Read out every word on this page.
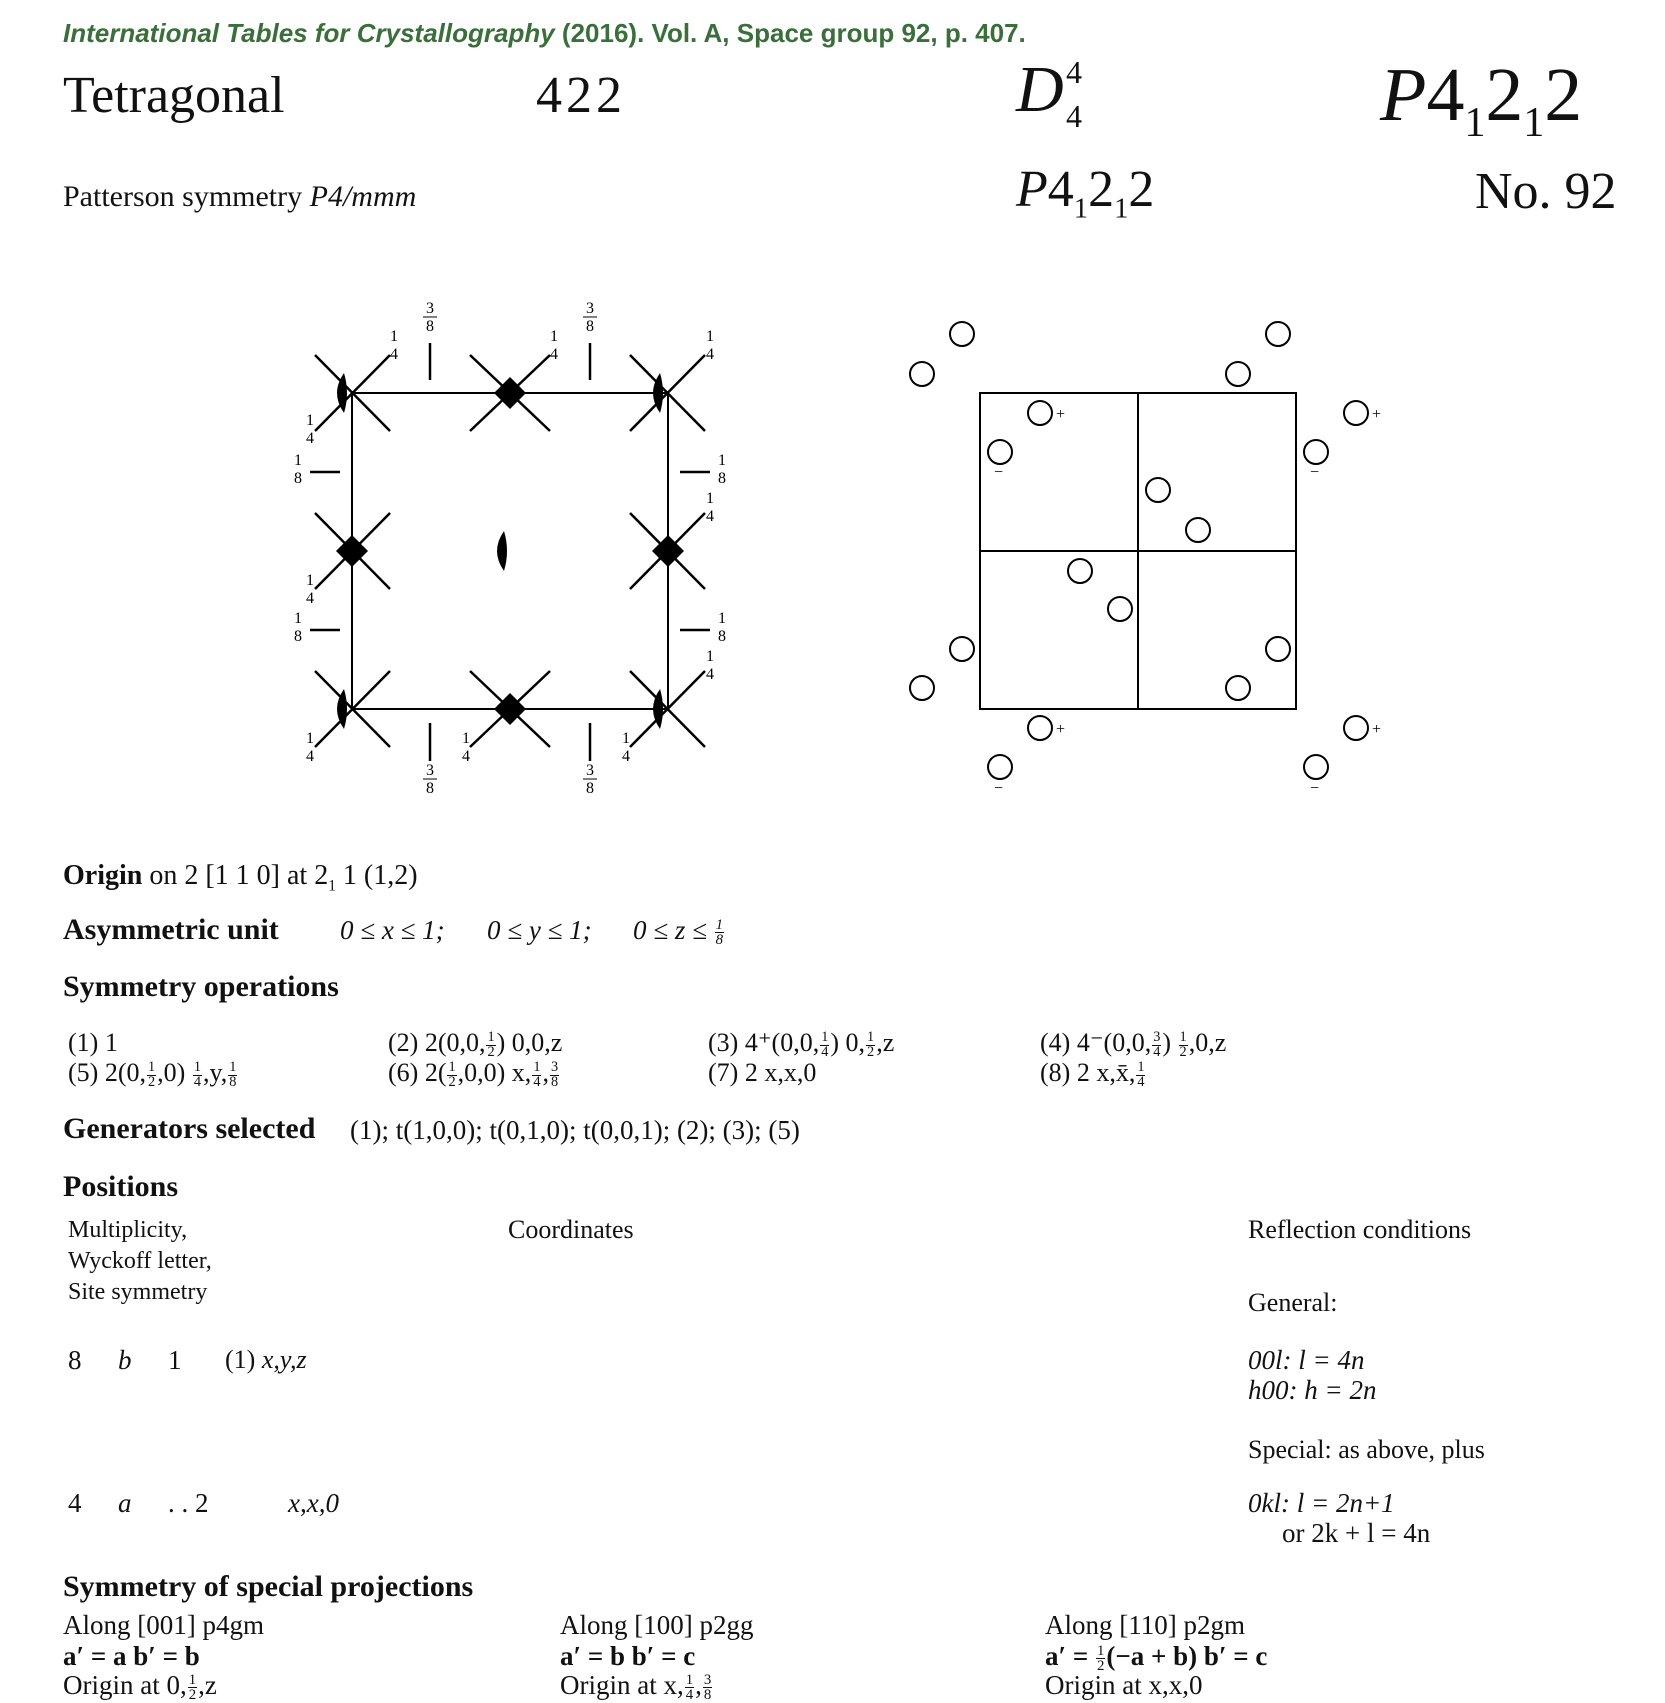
International Tables for Crystallography (2016). Vol. A, Space group 92, p. 407.
Tetragonal	422	D 4
4	$P4_12_12$
Patterson symmetry P4/mmm	$P4_12_12$	No. 92
3
8
3
8
1
4
1
4
1
4
1
4
1
8
1
8
1
4
1
4
1
8
1
8
1
4
1
4
1
4
1
4
3
8
3
8
+	+
+	+
−	−
−	−
Origin on 2 [1 1 0] at $2_1$ 1 (1,2)
Asymmetric unit 0 ≤ x ≤ 1; 0 ≤ y ≤ 1; $0 \le z \le \frac{1}{8}$
Symmetry operations
(1) 1	(2) 2(0,0, $\frac{1}{2}$ ) 0,0,z	(3) 4⁺(0,0, $\frac{1}{4}$ ) 0, $\frac{1}{2} ,z$	(4) 4⁻(0,0, $\frac{3}{4}$ ) $\frac{1}{2} ,0,z$
(5) 2(0, $\frac{1}{2} ,0) \frac{1}{4} ,y$, $\frac{1}{8}$	(6) $2( \frac{1}{2} ,0,0)$ x, $\frac{1}{4}$ , $\frac{3}{8}$	(7) 2 x,x,0	(8) 2 x,x̄, $\frac{1}{4}$
Generators selected (1); t(1,0,0); t(0,1,0); t(0,0,1); (2); (3); (5)
Positions
Multiplicity,
Wyckoff letter,
Site symmetry
Coordinates	Reflection conditions
General:
8 b 1 (1) x,y,z	00l: l = 4n
h00: h = 2n
Special: as above, plus
4 a . . 2	x,x,0	0kl: l = 2n+1
or 2k + l = 4n
Symmetry of special projections
Along [001] p4gm
a′ = a b′ = b
Origin at 0, $\frac{1}{2} ,z$
Along [100] p2gg
a′ = b b′ = c
Origin at x, $\frac{1}{4}$ , $\frac{3}{8}$
Along [110] p2gm
$a' = \frac{1}{2} (-a + b) b' = c$
Origin at x,x,0
